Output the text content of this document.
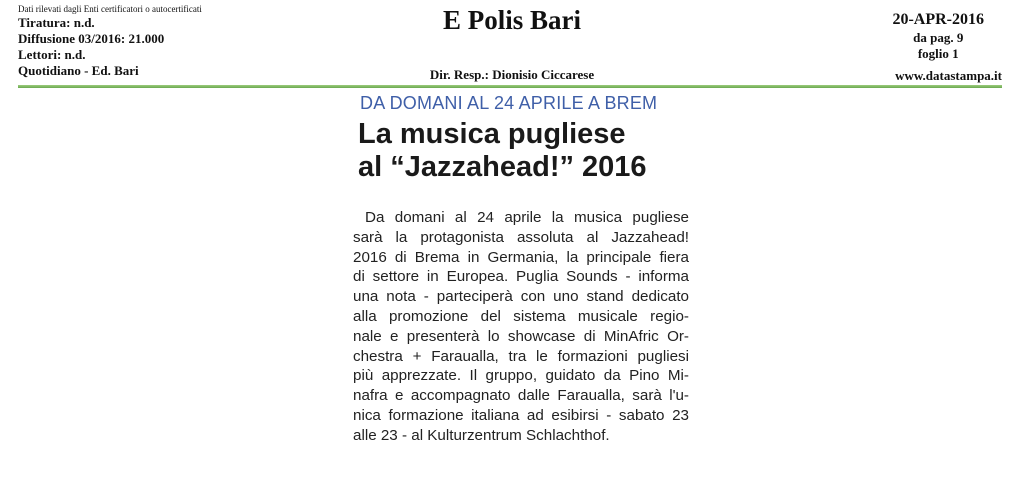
Dati rilevati dagli Enti certificatori o autocertificati
Tiratura: n.d.
Diffusione 03/2016: 21.000
Lettori: n.d.
Quotidiano - Ed. Bari
E Polis Bari
Dir. Resp.: Dionisio Ciccarese
20-APR-2016
da pag. 9
foglio 1
www.datastampa.it
DA DOMANI AL 24 APRILE A BREM
La musica pugliese
al “Jazzahead!” 2016
Da domani al 24 aprile la musica pugliese
sarà la protagonista assoluta al Jazzahead!
2016 di Brema in Germania, la principale fiera
di settore in Europea. Puglia Sounds - informa
una nota - parteciperà con uno stand dedicato
alla promozione del sistema musicale regio-
nale e presenterà lo showcase di MinAfric Or-
chestra + Faraualla, tra le formazioni pugliesi
più apprezzate. Il gruppo, guidato da Pino Mi-
nafra e accompagnato dalle Faraualla, sarà l'u-
nica formazione italiana ad esibirsi - sabato 23
alle 23 - al Kulturzentrum Schlachthof.
